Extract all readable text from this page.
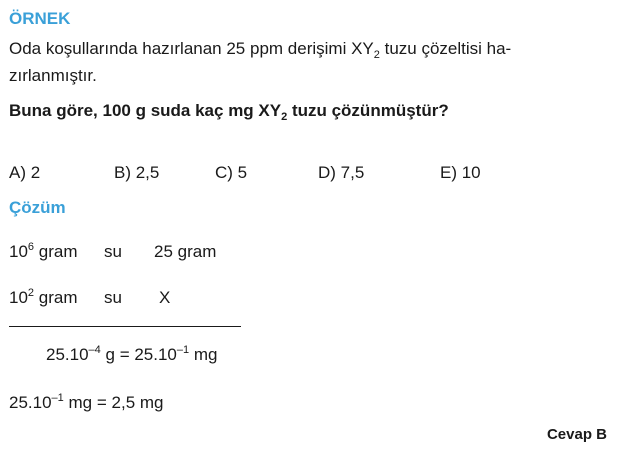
ÖRNEK
Oda koşullarında hazırlanan 25 ppm derişimi $XY_2$ tuzu çözeltisi ha-
zırlanmıştır.
Buna göre, 100 g suda kaç mg $XY_2$ tuzu çözünmüştür?
A) 2	B) 2,5	C) 5	D) 7,5	E) 10
Çözüm
$10^6$ gram su 25 gram
$10^2$ gram su X
$25.10^{-4}$ $g = 25.10^{-1}$ mg
$25.10^{-1}$ mg = 2,5 mg
Cevap B
